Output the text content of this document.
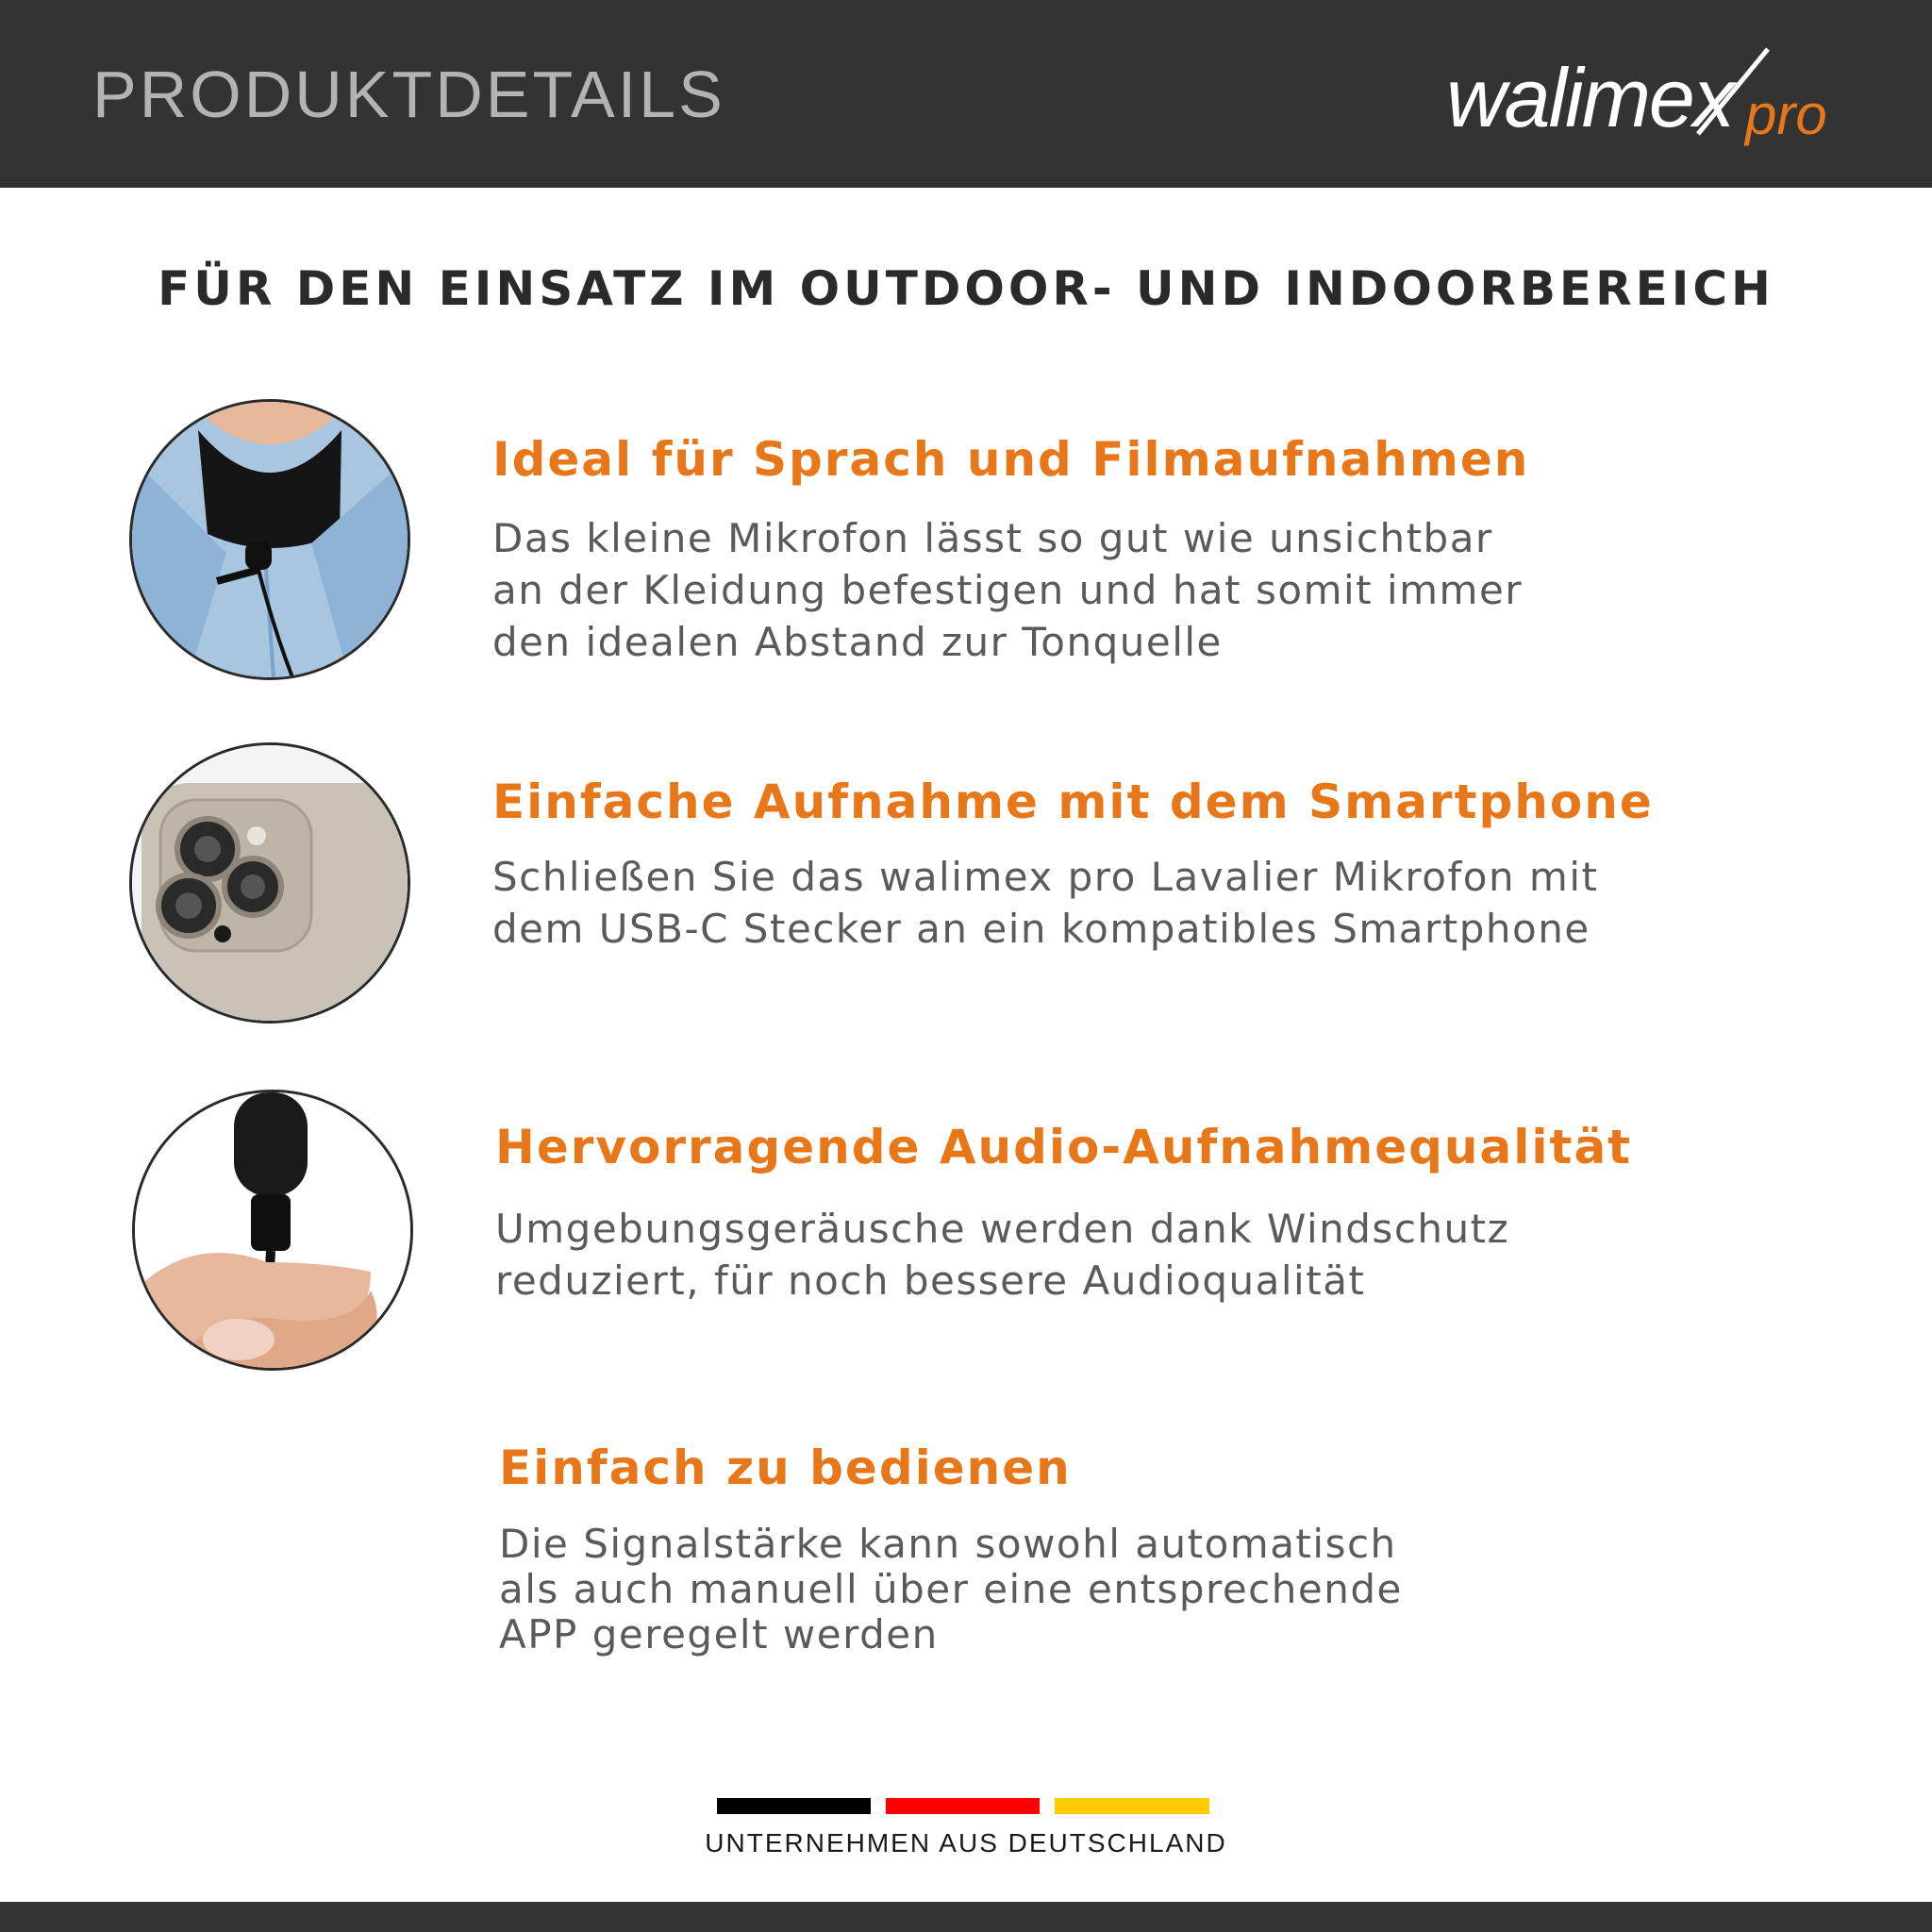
PRODUKTDETAILS	walimex pro
FÜR DEN EINSATZ IM OUTDOOR- UND INDOORBEREICH
Ideal für Sprach und Filmaufnahmen
Das kleine Mikrofon lässt so gut wie unsichtbar
an der Kleidung befestigen und hat somit immer
den idealen Abstand zur Tonquelle
Einfache Aufnahme mit dem Smartphone
Schließen Sie das walimex pro Lavalier Mikrofon mit
dem USB-C Stecker an ein kompatibles Smartphone
Hervorragende Audio-Aufnahmequalität
Umgebungsgeräusche werden dank Windschutz
reduziert, für noch bessere Audioqualität
Einfach zu bedienen
Die Signalstärke kann sowohl automatisch
als auch manuell über eine entsprechende
APP geregelt werden
UNTERNEHMEN AUS DEUTSCHLAND
